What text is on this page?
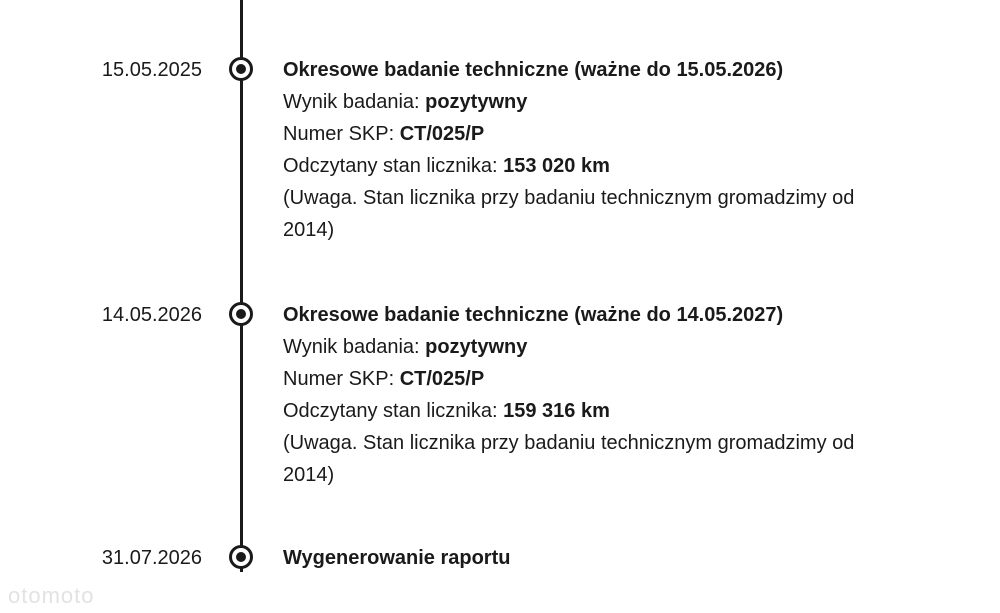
15.05.2025	Okresowe badanie techniczne (ważne do 15.05.2026)
Wynik badania: pozytywny
Numer SKP: CT/025/P
Odczytany stan licznika: 153 020 km
(Uwaga. Stan licznika przy badaniu technicznym gromadzimy od
2014)
14.05.2026	Okresowe badanie techniczne (ważne do 14.05.2027)
Wynik badania: pozytywny
Numer SKP: CT/025/P
Odczytany stan licznika: 159 316 km
(Uwaga. Stan licznika przy badaniu technicznym gromadzimy od
2014)
31.07.2026	Wygenerowanie raportu
otomoto
